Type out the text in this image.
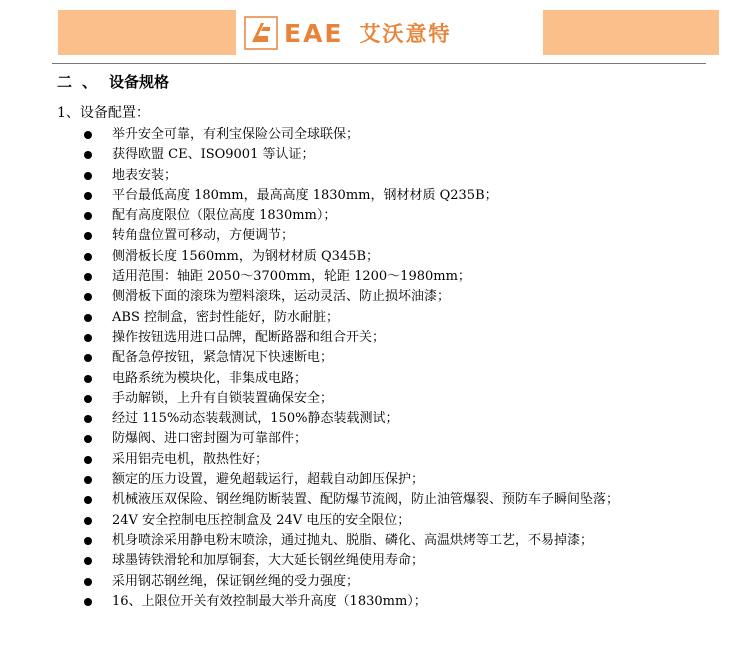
EAE 艾沃意特
二 、 设备规格
1、设备配置：
举升安全可靠，有利宝保险公司全球联保；
获得欧盟 CE、ISO9001 等认证；
地表安装；
平台最低高度 180mm，最高高度 1830mm，钢材材质 Q235B；
配有高度限位（限位高度 1830mm）；
转角盘位置可移动，方便调节；
侧滑板长度 1560mm，为钢材材质 Q345B；
适用范围：轴距 2050～3700mm，轮距 1200～1980mm；
侧滑板下面的滚珠为塑料滚珠，运动灵活、防止损坏油漆；
ABS 控制盒，密封性能好，防水耐脏；
操作按钮选用进口品牌，配断路器和组合开关；
配备急停按钮，紧急情况下快速断电；
电路系统为模块化，非集成电路；
手动解锁，上升有自锁装置确保安全；
经过 115%动态装载测试，150%静态装载测试；
防爆阀、进口密封圈为可靠部件；
采用铝壳电机，散热性好；
额定的压力设置，避免超载运行，超载自动卸压保护；
机械液压双保险、钢丝绳防断装置、配防爆节流阀，防止油管爆裂、预防车子瞬间坠落；
24V 安全控制电压控制盒及 24V 电压的安全限位；
机身喷涂采用静电粉末喷涂，通过抛丸、脱脂、磷化、高温烘烤等工艺，不易掉漆；
球墨铸铁滑轮和加厚铜套，大大延长钢丝绳使用寿命；
采用钢芯钢丝绳，保证钢丝绳的受力强度；
16、上限位开关有效控制最大举升高度（1830mm）；
